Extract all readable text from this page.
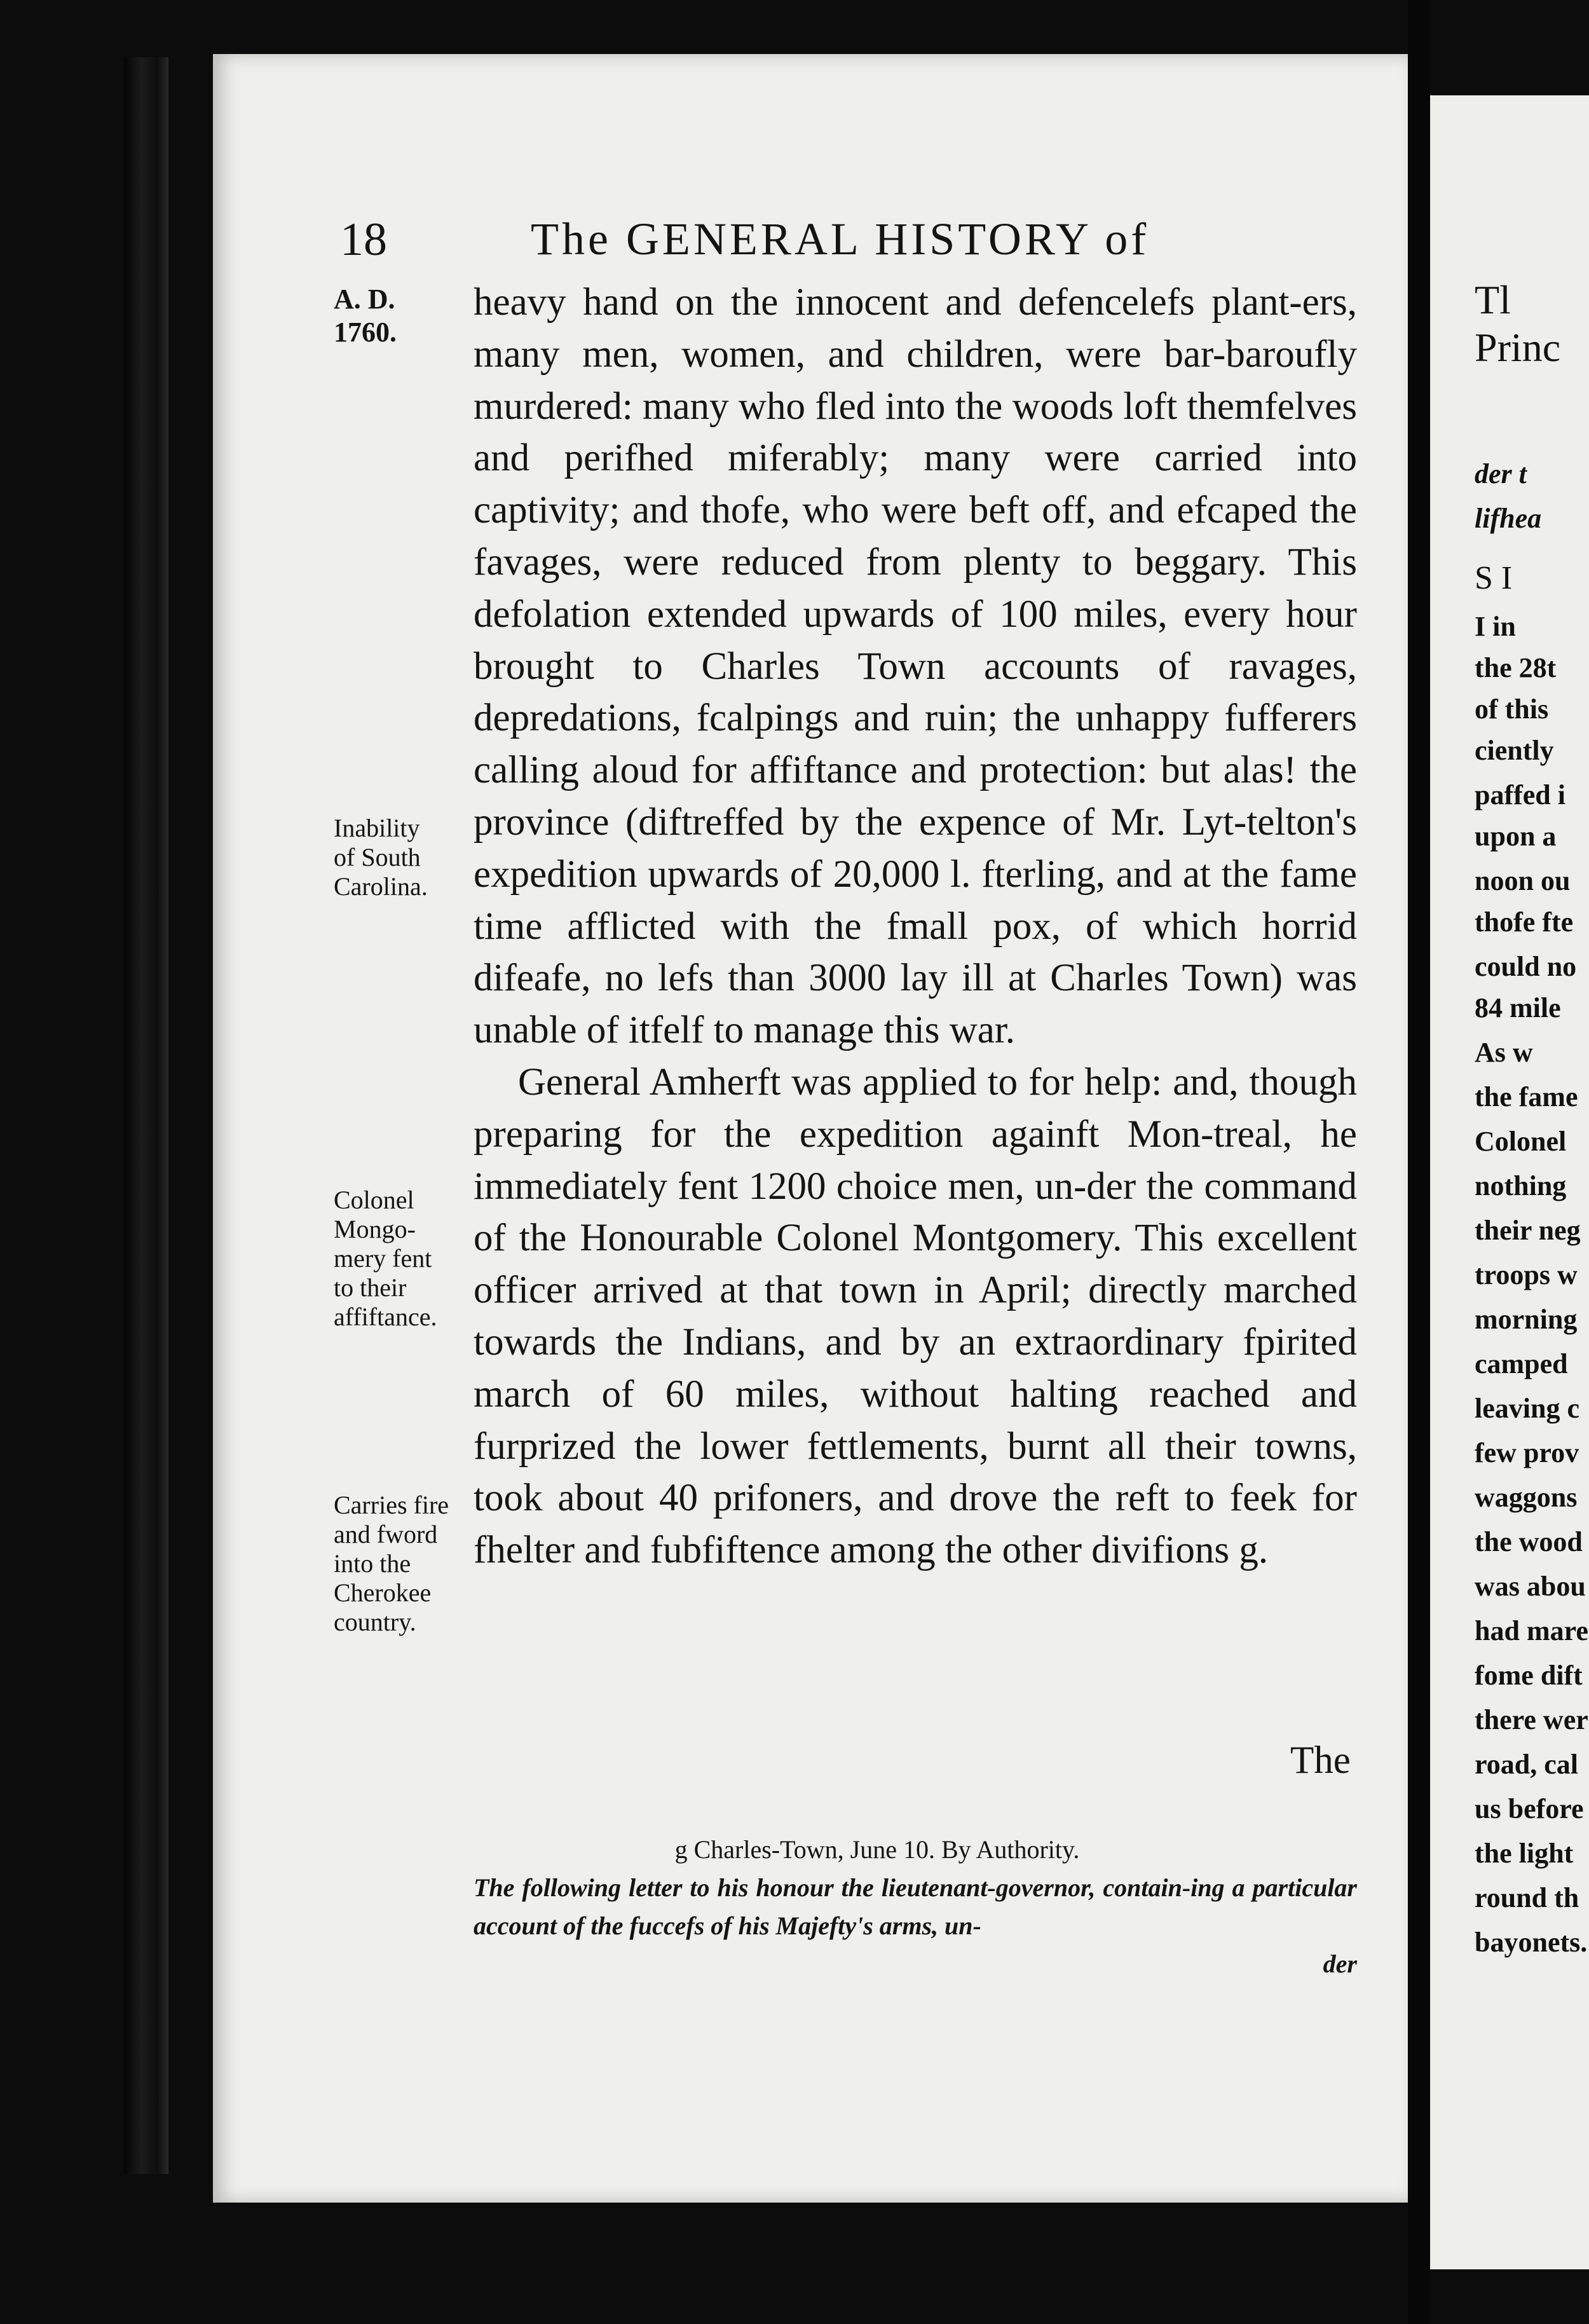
18	The GENERAL HISTORY of
A. D.
1760.
Inability
of South
Carolina.
Colonel
Mongo-
mery fent
to their
affiftance.
Carries fire
and fword
into the
Cherokee
country.

heavy hand on the innocent and defencelefs plant-ers, many men, women, and children, were bar-baroufly murdered: many who fled into the woods loft themfelves and perifhed miferably; many were carried into captivity; and thofe, who were beft off, and efcaped the favages, were reduced from plenty to beggary. This defolation extended upwards of 100 miles, every hour brought to Charles Town accounts of ravages, depredations, fcalpings and ruin; the unhappy fufferers calling aloud for affiftance and protection: but alas! the province (diftreffed by the expence of Mr. Lyt-telton's expedition upwards of 20,000 l. fterling, and at the fame time afflicted with the fmall pox, of which horrid difeafe, no lefs than 3000 lay ill at Charles Town) was unable of itfelf to manage this war.

General Amherft was applied to for help: and, though preparing for the expedition againft Mon-treal, he immediately fent 1200 choice men, un-der the command of the Honourable Colonel Montgomery. This excellent officer arrived at that town in April; directly marched towards the Indians, and by an extraordinary fpirited march of 60 miles, without halting reached and furprized the lower fettlements, burnt all their towns, took about 40 prifoners, and drove the reft to feek for fhelter and fubfiftence among the other divifions g.

The
g Charles-Town, June 10. By Authority.
The following letter to his honour the lieutenant-governor, contain-ing a particular account of the fuccefs of his Majefty's arms, un-
der
Tl
Princ
der t
lifhea
S I
I in
the 28t
of this
ciently
paffed i
upon a
noon ou
thofe fte
could no
84 mile
As w
the fame
Colonel
nothing
their neg
troops w
morning
camped
leaving c
few prov
waggons
the wood
was abou
had mare
fome dift
there wer
road, cal
us before
the light
round th
bayonets.
